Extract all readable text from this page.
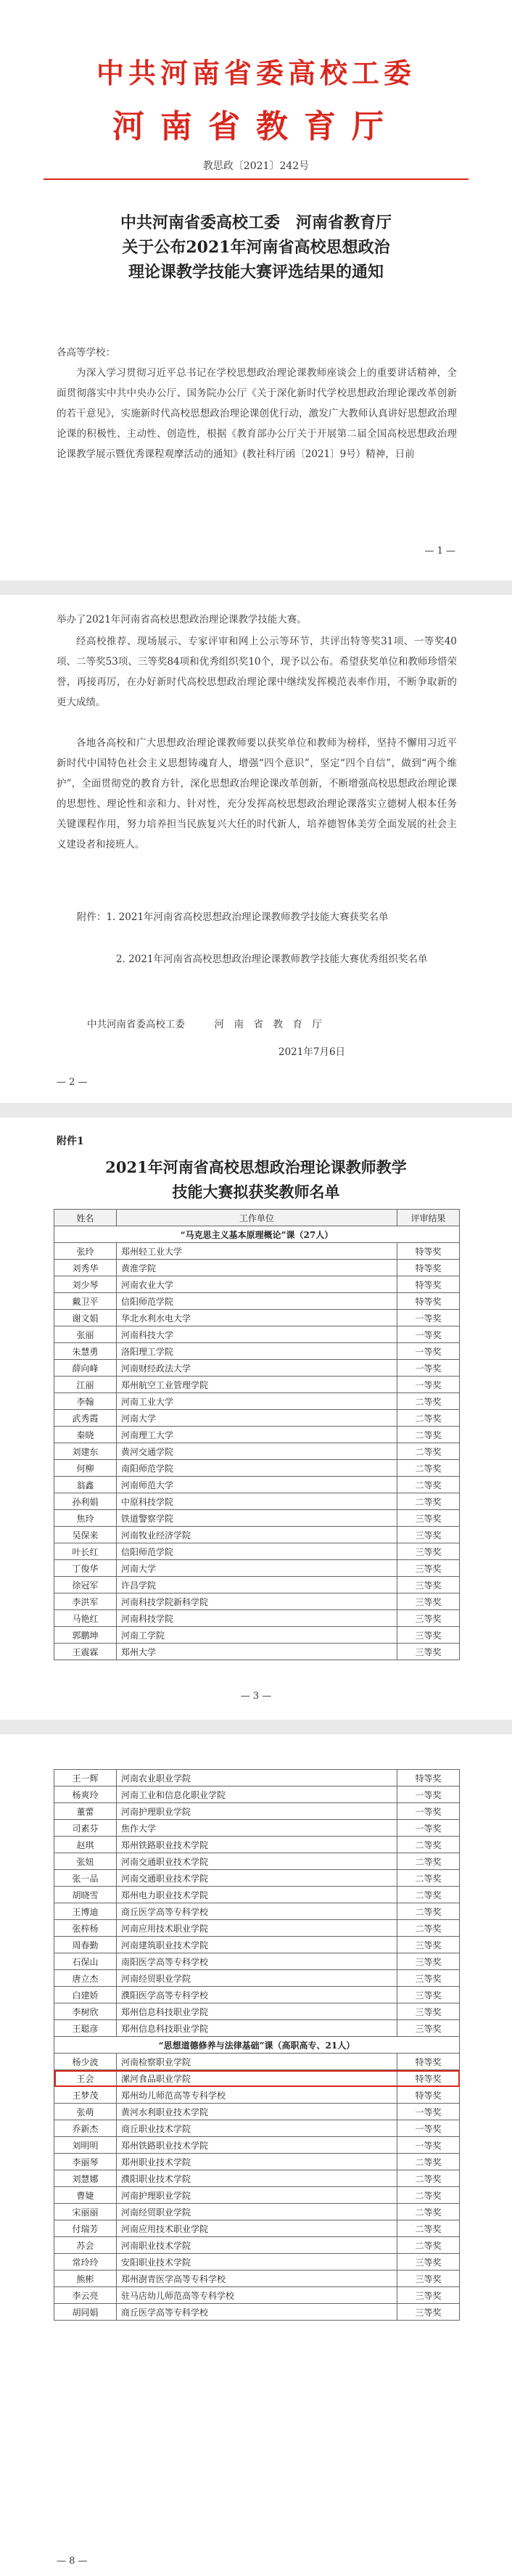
中共河南省委高校工委
河南省教育厅
教思政〔2021〕242号
中共河南省委高校工委　河南省教育厅
关于公布2021年河南省高校思想政治
理论课教学技能大赛评选结果的通知
各高等学校：
为深入学习贯彻习近平总书记在学校思想政治理论课教师座谈会上的重要讲话精神，全面贯彻落实中共中央办公厅、国务院办公厅《关于深化新时代学校思想政治理论课改革创新的若干意见》，实施新时代高校思想政治理论课创优行动，激发广大教师认真讲好思想政治理论课的积极性、主动性、创造性，根据《教育部办公厅关于开展第二届全国高校思想政治理论课教学展示暨优秀课程观摩活动的通知》(教社科厅函〔2021〕9号）精神，日前
— 1 —
举办了2021年河南省高校思想政治理论课教学技能大赛。
经高校推荐、现场展示、专家评审和网上公示等环节，共评出特等奖31项、一等奖40项、二等奖53项、三等奖84项和优秀组织奖10个，现予以公布。希望获奖单位和教师珍惜荣誉，再接再厉，在办好新时代高校思想政治理论课中继续发挥模范表率作用，不断争取新的更大成绩。
各地各高校和广大思想政治理论课教师要以获奖单位和教师为榜样，坚持不懈用习近平新时代中国特色社会主义思想铸魂育人，增强“四个意识”，坚定“四个自信”，做到“两个维护”，全面贯彻党的教育方针，深化思想政治理论课改革创新，不断增强高校思想政治理论课的思想性、理论性和亲和力、针对性，充分发挥高校思想政治理论课落实立德树人根本任务关键课程作用，努力培养担当民族复兴大任的时代新人，培养德智体美劳全面发展的社会主义建设者和接班人。
附件：1. 2021年河南省高校思想政治理论课教师教学技能大赛获奖名单
2. 2021年河南省高校思想政治理论课教师教学技能大赛优秀组织奖名单
中共河南省委高校工委　　　河　南　省　教　育　厅
2021年7月6日
— 2 —
附件1
2021年河南省高校思想政治理论课教师教学
技能大赛拟获奖教师名单
姓名	工作单位	评审结果
“马克思主义基本原理概论”课（27人）		
张玲	郑州轻工业大学	特等奖
刘秀华	黄淮学院	特等奖
刘少琴	河南农业大学	特等奖
戴卫平	信阳师范学院	特等奖
谢文娟	华北水利水电大学	一等奖
张丽	河南科技大学	一等奖
朱慧勇	洛阳理工学院	一等奖
薛向峰	河南财经政法大学	一等奖
江丽	郑州航空工业管理学院	一等奖
李翰	河南工业大学	二等奖
武秀霞	河南大学	二等奖
秦晓	河南理工大学	二等奖
刘建东	黄河交通学院	二等奖
何柳	南阳师范学院	二等奖
翁鑫	河南师范大学	二等奖
孙利娟	中原科技学院	二等奖
焦玲	铁道警察学院	三等奖
吴保来	河南牧业经济学院	三等奖
叶长红	信阳师范学院	三等奖
丁俊华	河南大学	三等奖
徐冠军	许昌学院	三等奖
李洪军	河南科技学院新科学院	三等奖
马艳红	河南科技学院	三等奖
郭鹏坤	河南工学院	三等奖
王震霖	郑州大学	三等奖
— 3 —
王一辉	河南农业职业学院	特等奖
杨爽玲	河南工业和信息化职业学院	一等奖
董蕾	河南护理职业学院	一等奖
司素芬	焦作大学	一等奖
赵琪	郑州铁路职业技术学院	二等奖
张妞	河南交通职业技术学院	二等奖
张一品	河南交通职业技术学院	二等奖
胡晓雪	郑州电力职业技术学院	二等奖
王博迪	商丘医学高等专科学校	二等奖
张梓杨	河南应用技术职业学院	二等奖
周春勤	河南建筑职业技术学院	三等奖
石保山	南阳医学高等专科学校	三等奖
唐立杰	河南经贸职业学院	三等奖
白建娇	濮阳医学高等专科学校	三等奖
李树欣	郑州信息科技职业学院	三等奖
王聪彦	郑州信息科技职业学院	三等奖
“思想道德修养与法律基础”课（高职高专、21人）		
杨少波	河南检察职业学院	特等奖
王会	漯河食品职业学院	特等奖
王梦茂	郑州幼儿师范高等专科学校	特等奖
张萌	黄河水利职业技术学院	一等奖
乔新杰	商丘职业技术学院	一等奖
刘明明	郑州铁路职业技术学院	一等奖
李丽琴	郑州职业技术学院	二等奖
刘慧娜	濮阳职业技术学院	二等奖
曹婕	河南护理职业学院	二等奖
宋丽丽	河南经贸职业学院	二等奖
付瑞芳	河南应用技术职业学院	二等奖
苏会	河南职业技术学院	二等奖
常玲玲	安阳职业技术学院	三等奖
熊彬	郑州澍青医学高等专科学校	三等奖
李云亮	驻马店幼儿师范高等专科学校	三等奖
胡同娟	商丘医学高等专科学校	三等奖
— 8 —
